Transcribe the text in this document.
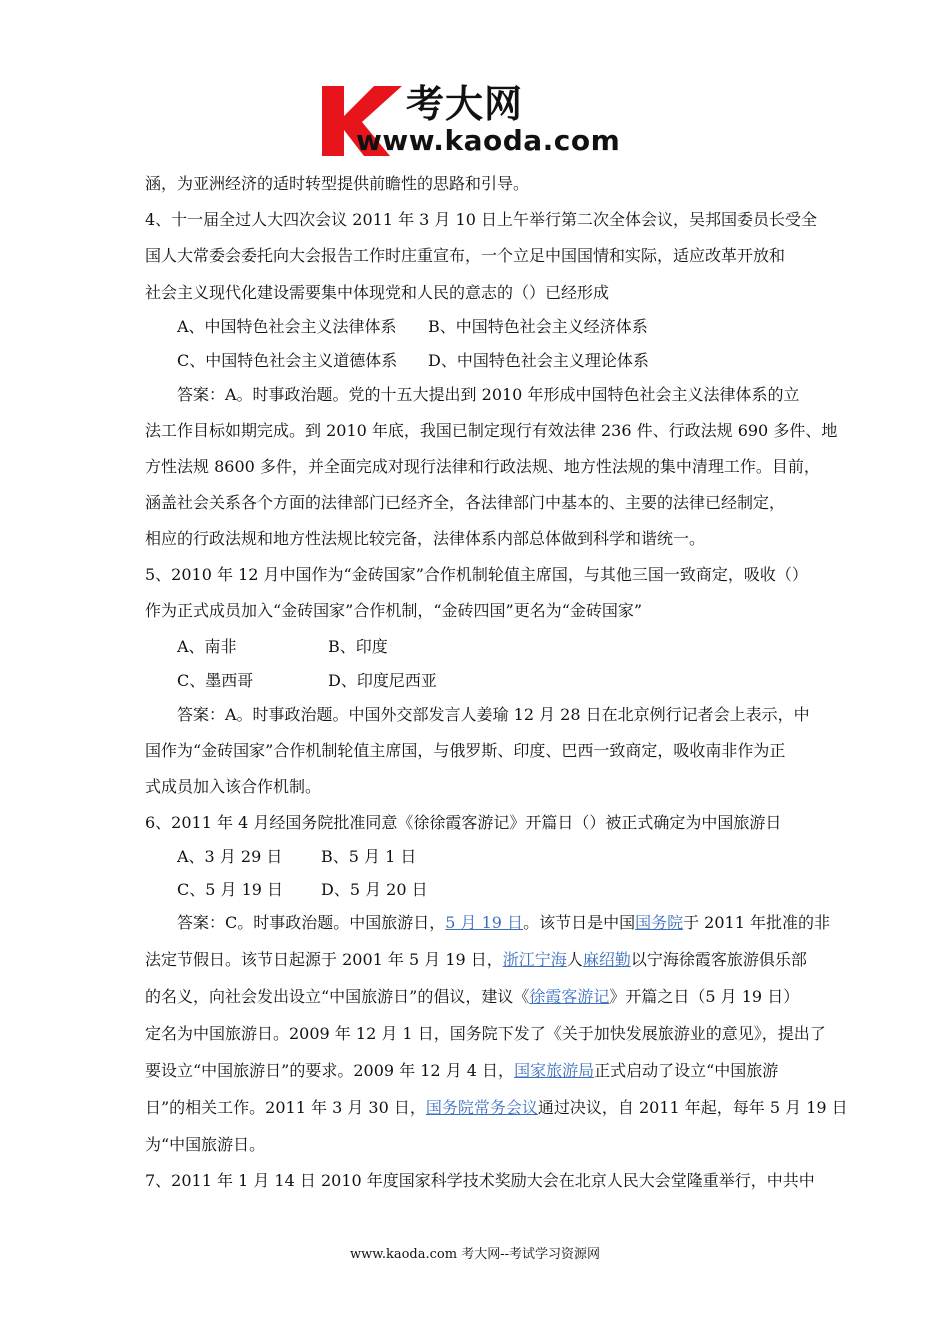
考大网
www.kaoda.com
涵，为亚洲经济的适时转型提供前瞻性的思路和引导。
4、十一届全过人大四次会议 2011 年 3 月 10 日上午举行第二次全体会议，吴邦国委员长受全
国人大常委会委托向大会报告工作时庄重宣布，一个立足中国国情和实际，适应改革开放和
社会主义现代化建设需要集中体现党和人民的意志的（）已经形成
A、中国特色社会主义法律体系 B、中国特色社会主义经济体系
C、中国特色社会主义道德体系 D、中国特色社会主义理论体系
答案：A。时事政治题。党的十五大提出到 2010 年形成中国特色社会主义法律体系的立
法工作目标如期完成。到 2010 年底，我国已制定现行有效法律 236 件、行政法规 690 多件、地
方性法规 8600 多件，并全面完成对现行法律和行政法规、地方性法规的集中清理工作。目前，
涵盖社会关系各个方面的法律部门已经齐全，各法律部门中基本的、主要的法律已经制定，
相应的行政法规和地方性法规比较完备，法律体系内部总体做到科学和谐统一。
5、2010 年 12 月中国作为“金砖国家”合作机制轮值主席国，与其他三国一致商定，吸收（）
作为正式成员加入“金砖国家”合作机制，“金砖四国”更名为“金砖国家”
A、南非	B、印度
C、墨西哥	D、印度尼西亚
答案：A。时事政治题。中国外交部发言人姜瑜 12 月 28 日在北京例行记者会上表示，中
国作为“金砖国家”合作机制轮值主席国，与俄罗斯、印度、巴西一致商定，吸收南非作为正
式成员加入该合作机制。
6、2011 年 4 月经国务院批准同意《徐徐霞客游记》开篇日（）被正式确定为中国旅游日
A、3 月 29 日 B、5 月 1 日
C、5 月 19 日 D、5 月 20 日
答案：C。时事政治题。中国旅游日，5 月 19 日。该节日是中国国务院于 2011 年批准的非
法定节假日。该节日起源于 2001 年 5 月 19 日，浙江宁海人麻绍勤以宁海徐霞客旅游俱乐部
的名义，向社会发出设立“中国旅游日”的倡议，建议《徐霞客游记》开篇之日（5 月 19 日）
定名为中国旅游日。2009 年 12 月 1 日，国务院下发了《关于加快发展旅游业的意见》，提出了
要设立“中国旅游日”的要求。2009 年 12 月 4 日，国家旅游局正式启动了设立“中国旅游
日”的相关工作。2011 年 3 月 30 日，国务院常务会议通过决议，自 2011 年起，每年 5 月 19 日
为“中国旅游日。
7、2011 年 1 月 14 日 2010 年度国家科学技术奖励大会在北京人民大会堂隆重举行，中共中
www.kaoda.com 考大网--考试学习资源网
